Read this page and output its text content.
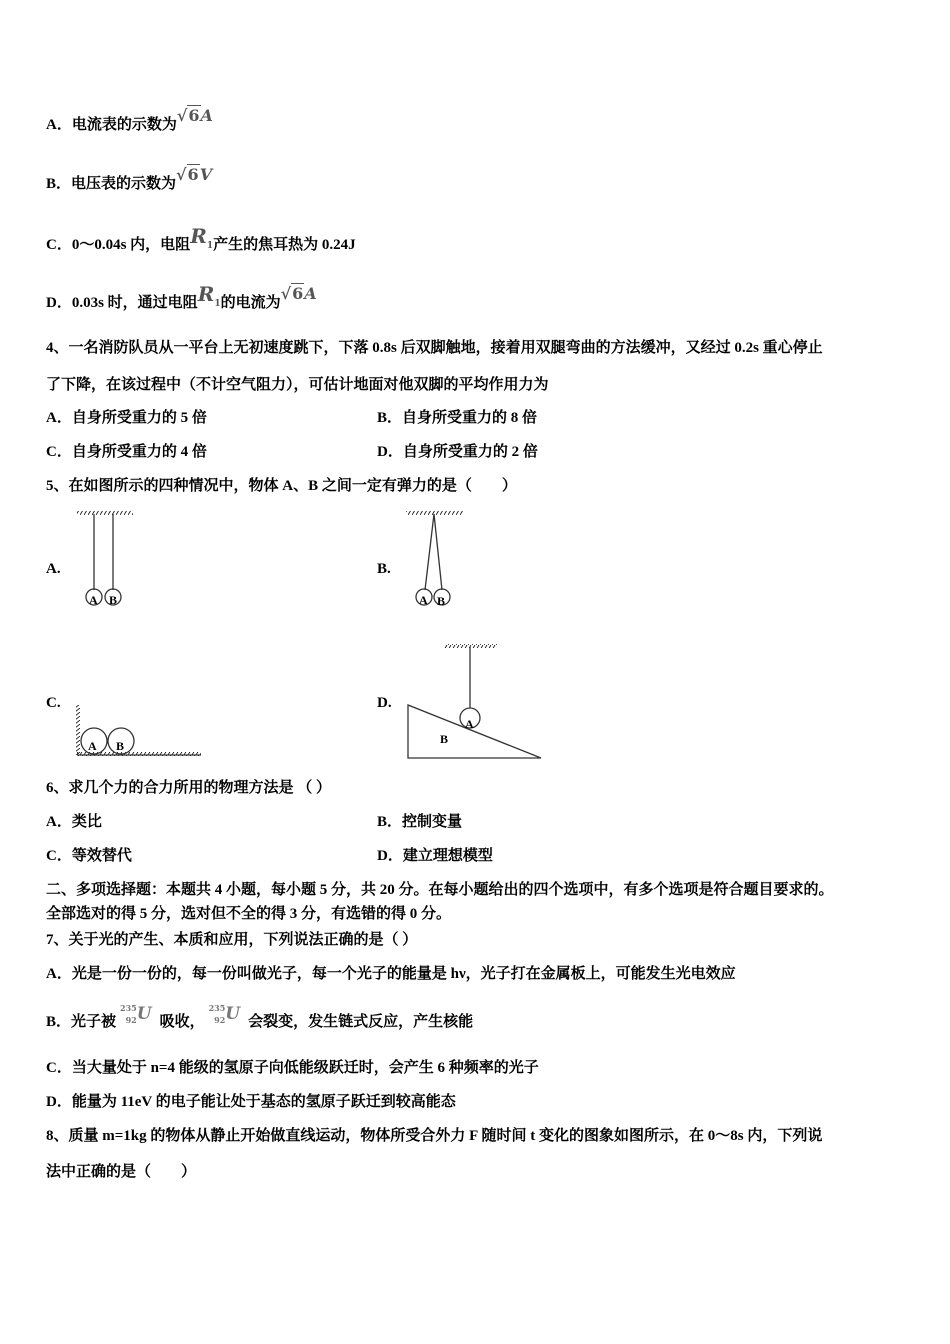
A．电流表的示数为√6A
B．电压表的示数为√6V
C．0～0.04s 内，电阻$R_1$产生的焦耳热为 0.24J
D．0.03s 时，通过电阻$R_1$的电流为√6A
4、一名消防队员从一平台上无初速度跳下，下落 0.8s 后双脚触地，接着用双腿弯曲的方法缓冲，又经过 0.2s 重心停止
了下降，在该过程中（不计空气阻力），可估计地面对他双脚的平均作用力为
A．自身所受重力的 5 倍	B．自身所受重力的 8 倍
C．自身所受重力的 4 倍	D．自身所受重力的 2 倍
5、在如图所示的四种情况中，物体 A、B 之间一定有弹力的是（　　）
A.	B.
C.	D.
A B	A B
A B
A
B
6、求几个力的合力所用的物理方法是 （ ）
A．类比	B．控制变量
C．等效替代	D．建立理想模型
二、多项选择题：本题共 4 小题，每小题 5 分，共 20 分。在每小题给出的四个选项中，有多个选项是符合题目要求的。
全部选对的得 5 分，选对但不全的得 3 分，有选错的得 0 分。
7、关于光的产生、本质和应用，下列说法正确的是（ ）
A．光是一份一份的，每一份叫做光子，每一个光子的能量是 hν，光子打在金属板上，可能发生光电效应
B．光子被235
92U 吸收，235
92U 会裂变，发生链式反应，产生核能
C．当大量处于 n=4 能级的氢原子向低能级跃迁时，会产生 6 种频率的光子
D．能量为 11eV 的电子能让处于基态的氢原子跃迁到较高能态
8、质量 m=1kg 的物体从静止开始做直线运动，物体所受合外力 F 随时间 t 变化的图象如图所示，在 0～8s 内，下列说
法中正确的是（　　）
